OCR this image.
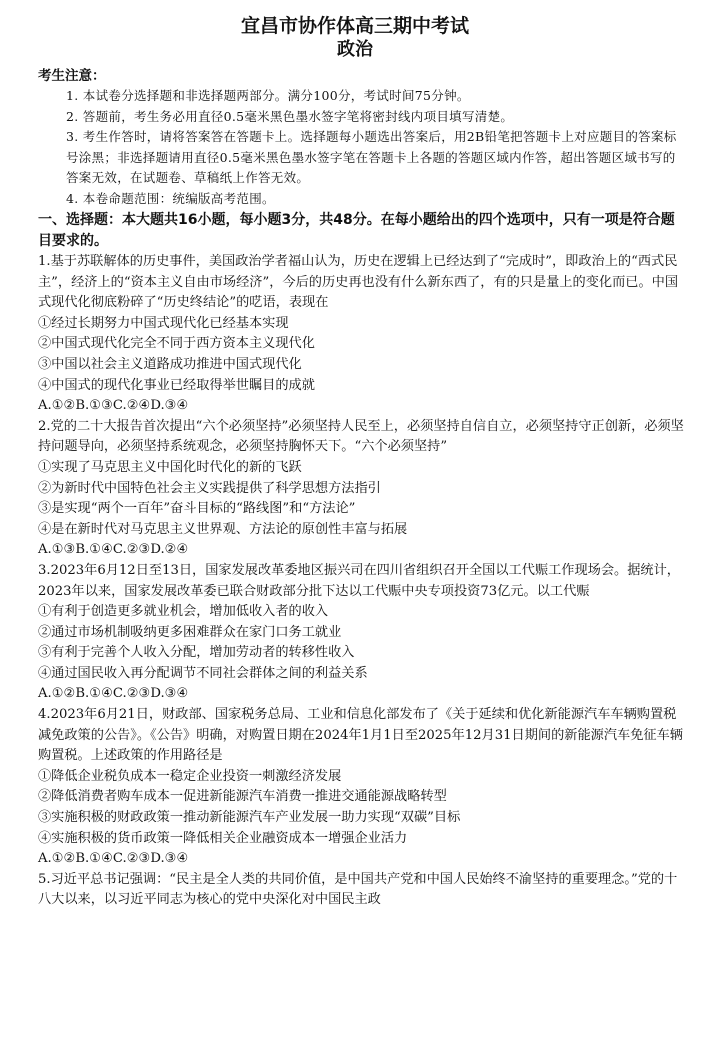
宜昌市协作体高三期中考试
政治
考生注意：
1. 本试卷分选择题和非选择题两部分。满分100分，考试时间75分钟。
2. 答题前，考生务必用直径0.5毫米黑色墨水签字笔将密封线内项目填写清楚。
3. 考生作答时，请将答案答在答题卡上。选择题每小题选出答案后，用2B铅笔把答题卡上对应题目的答案标号涂黑；非选择题请用直径0.5毫米黑色墨水签字笔在答题卡上各题的答题区域内作答，超出答题区域书写的答案无效，在试题卷、草稿纸上作答无效。
4. 本卷命题范围：统编版高考范围。
一、选择题：本大题共16小题，每小题3分，共48分。在每小题给出的四个选项中，只有一项是符合题目要求的。

1.基于苏联解体的历史事件，美国政治学者福山认为，历史在逻辑上已经达到了“完成时”，即政治上的“西式民主”，经济上的“资本主义自由市场经济”，今后的历史再也没有什么新东西了，有的只是量上的变化而已。中国式现代化彻底粉碎了“历史终结论”的呓语，表现在

①经过长期努力中国式现代化已经基本实现

②中国式现代化完全不同于西方资本主义现代化

③中国以社会主义道路成功推进中国式现代化

④中国式的现代化事业已经取得举世瞩目的成就

A.①②B.①③C.②④D.③④

2.党的二十大报告首次提出“六个必须坚持”必须坚持人民至上，必须坚持自信自立，必须坚持守正创新，必须坚持问题导向，必须坚持系统观念，必须坚持胸怀天下。“六个必须坚持”

①实现了马克思主义中国化时代化的新的飞跃

②为新时代中国特色社会主义实践提供了科学思想方法指引

③是实现“两个一百年”奋斗目标的“路线图”和“方法论”

④是在新时代对马克思主义世界观、方法论的原创性丰富与拓展

A.①③B.①④C.②③D.②④

3.2023年6月12日至13日，国家发展改革委地区振兴司在四川省组织召开全国以工代赈工作现场会。据统计，2023年以来，国家发展改革委已联合财政部分批下达以工代赈中央专项投资73亿元。以工代赈

①有利于创造更多就业机会，增加低收入者的收入

②通过市场机制吸纳更多困难群众在家门口务工就业

③有利于完善个人收入分配，增加劳动者的转移性收入

④通过国民收入再分配调节不同社会群体之间的利益关系

A.①②B.①④C.②③D.③④

4.2023年6月21日，财政部、国家税务总局、工业和信息化部发布了《关于延续和优化新能源汽车车辆购置税减免政策的公告》。《公告》明确，对购置日期在2024年1月1日至2025年12月31日期间的新能源汽车免征车辆购置税。上述政策的作用路径是

①降低企业税负成本一稳定企业投资一刺激经济发展

②降低消费者购车成本一促进新能源汽车消费一推进交通能源战略转型

③实施积极的财政政策一推动新能源汽车产业发展一助力实现“双碳”目标

④实施积极的货币政策一降低相关企业融资成本一增强企业活力

A.①②B.①④C.②③D.③④

5.习近平总书记强调：“民主是全人类的共同价值，是中国共产党和中国人民始终不渝坚持的重要理念。”党的十八大以来，以习近平同志为核心的党中央深化对中国民主政
